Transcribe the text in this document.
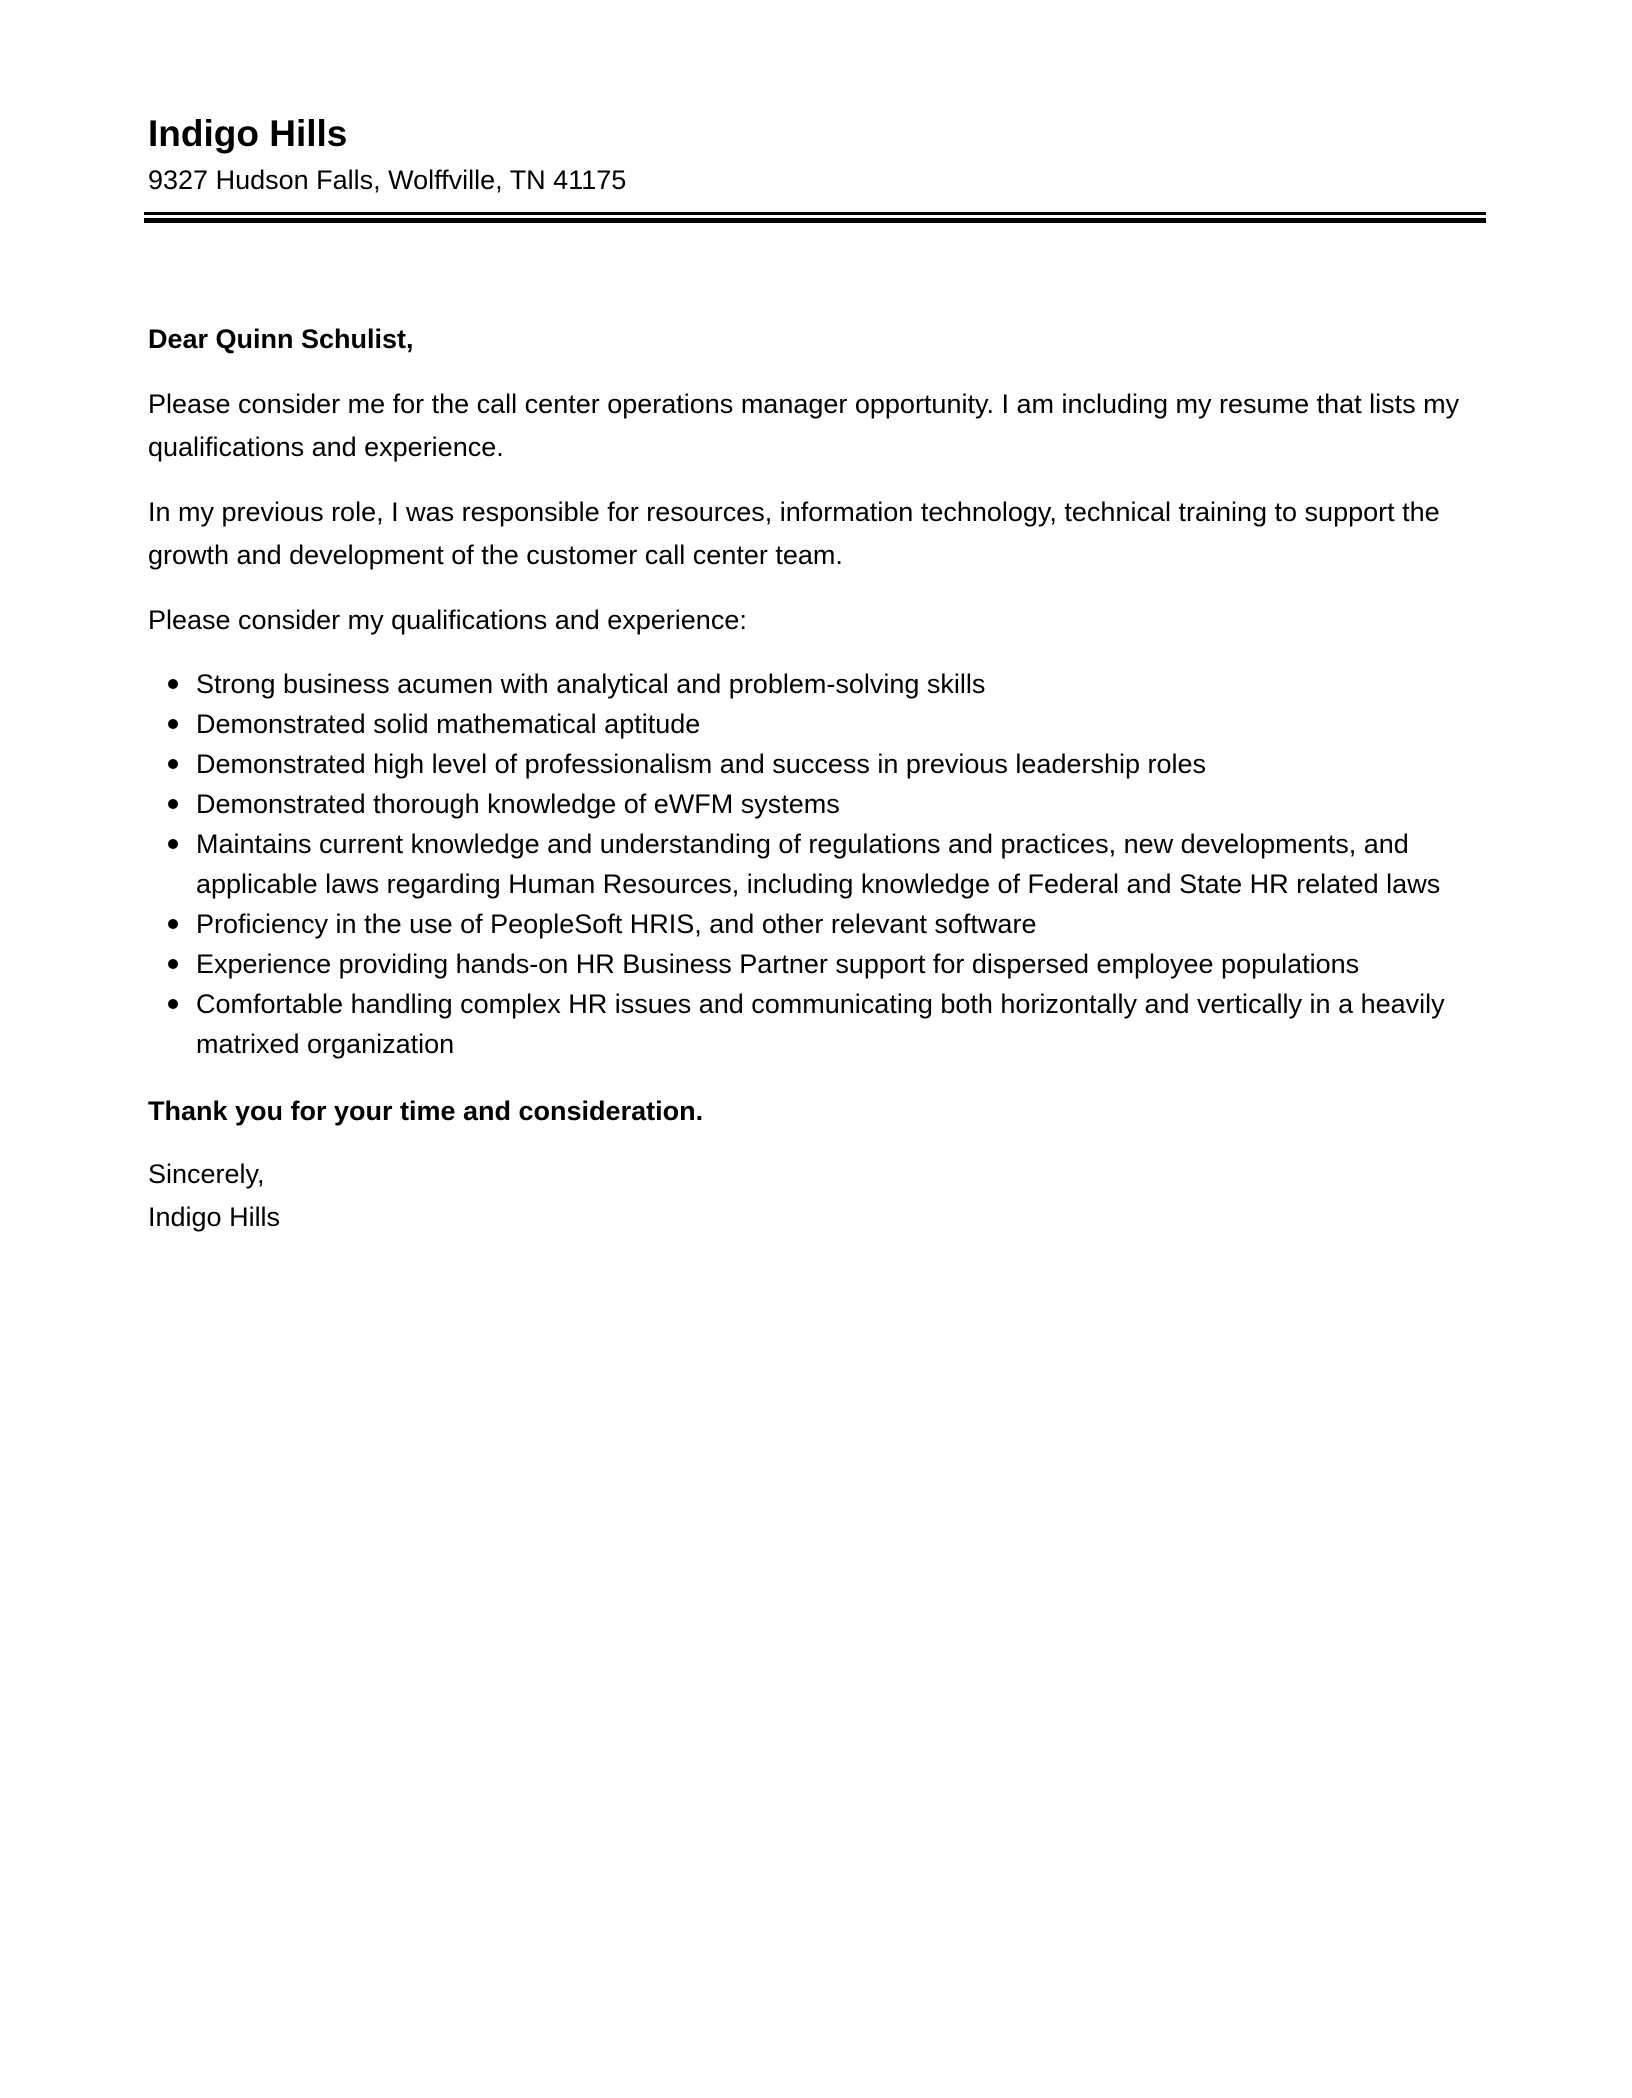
Indigo Hills

9327 Hudson Falls, Wolffville, TN 41175

Dear Quinn Schulist,

Please consider me for the call center operations manager opportunity. I am including my resume that lists my qualifications and experience.

In my previous role, I was responsible for resources, information technology, technical training to support the growth and development of the customer call center team.

Please consider my qualifications and experience:

Strong business acumen with analytical and problem-solving skills
Demonstrated solid mathematical aptitude
Demonstrated high level of professionalism and success in previous leadership roles
Demonstrated thorough knowledge of eWFM systems
Maintains current knowledge and understanding of regulations and practices, new developments, and applicable laws regarding Human Resources, including knowledge of Federal and State HR related laws
Proficiency in the use of PeopleSoft HRIS, and other relevant software
Experience providing hands-on HR Business Partner support for dispersed employee populations
Comfortable handling complex HR issues and communicating both horizontally and vertically in a heavily matrixed organization

Thank you for your time and consideration.

Sincerely,

Indigo Hills
